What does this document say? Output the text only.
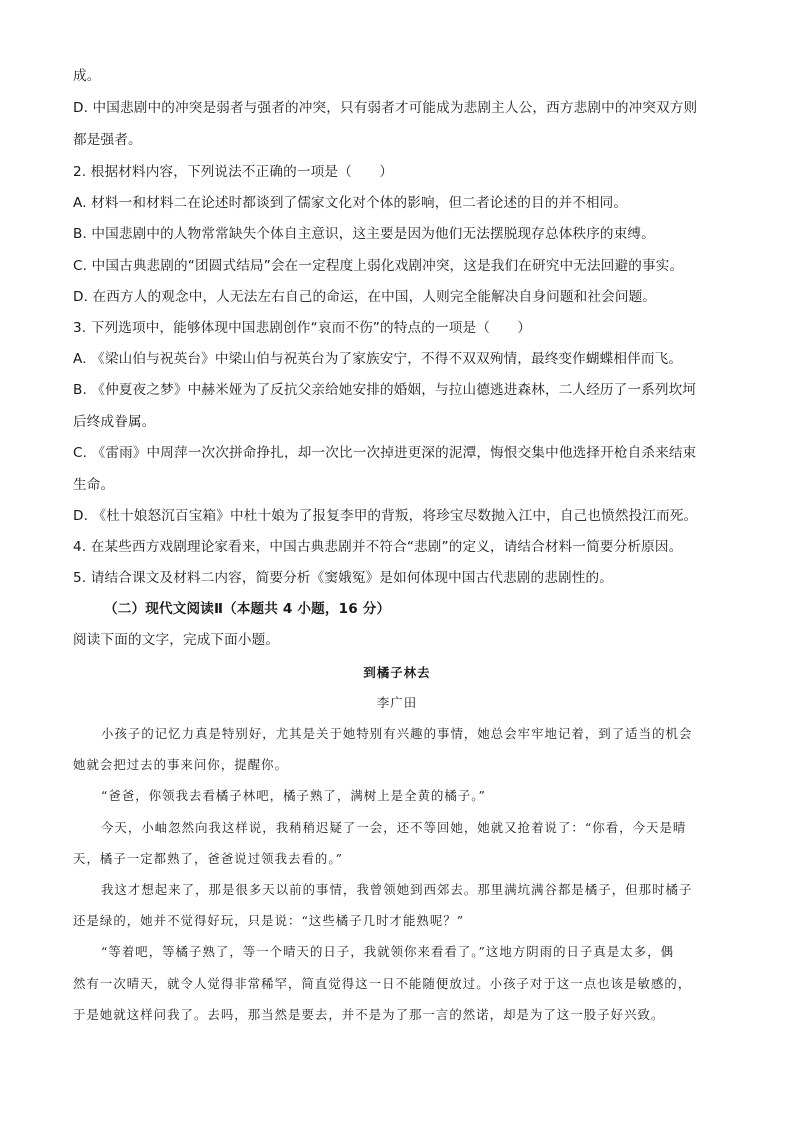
成。
D. 中国悲剧中的冲突是弱者与强者的冲突，只有弱者才可能成为悲剧主人公，西方悲剧中的冲突双方则
都是强者。
2. 根据材料内容，下列说法不正确的一项是（　　）
A. 材料一和材料二在论述时都谈到了儒家文化对个体的影响，但二者论述的目的并不相同。
B. 中国悲剧中的人物常常缺失个体自主意识，这主要是因为他们无法摆脱现存总体秩序的束缚。
C. 中国古典悲剧的“团圆式结局”会在一定程度上弱化戏剧冲突，这是我们在研究中无法回避的事实。
D. 在西方人的观念中，人无法左右自己的命运，在中国，人则完全能解决自身问题和社会问题。
3. 下列选项中，能够体现中国悲剧创作“哀而不伤”的特点的一项是（　　）
A. 《梁山伯与祝英台》中梁山伯与祝英台为了家族安宁，不得不双双殉情，最终变作蝴蝶相伴而飞。
B. 《仲夏夜之梦》中赫米娅为了反抗父亲给她安排的婚姻，与拉山德逃进森林，二人经历了一系列坎坷
后终成眷属。
C. 《雷雨》中周萍一次次拼命挣扎，却一次比一次掉进更深的泥潭，悔恨交集中他选择开枪自杀来结束
生命。
D. 《杜十娘怒沉百宝箱》中杜十娘为了报复李甲的背叛，将珍宝尽数抛入江中，自己也愤然投江而死。
4. 在某些西方戏剧理论家看来，中国古典悲剧并不符合“悲剧”的定义，请结合材料一简要分析原因。
5. 请结合课文及材料二内容，简要分析《窦娥冤》是如何体现中国古代悲剧的悲剧性的。
（二）现代文阅读Ⅱ（本题共 4 小题，16 分）
阅读下面的文字，完成下面小题。
到橘子林去
李广田
小孩子的记忆力真是特别好，尤其是关于她特别有兴趣的事情，她总会牢牢地记着，到了适当的机会
她就会把过去的事来问你，提醒你。
“爸爸，你领我去看橘子林吧，橘子熟了，满树上是全黄的橘子。”
今天，小岫忽然向我这样说，我稍稍迟疑了一会，还不等回她，她就又抢着说了：“你看，今天是晴
天，橘子一定都熟了，爸爸说过领我去看的。”
我这才想起来了，那是很多天以前的事情，我曾领她到西郊去。那里满坑满谷都是橘子，但那时橘子
还是绿的，她并不觉得好玩，只是说：“这些橘子几时才能熟呢？”
“等着吧，等橘子熟了，等一个晴天的日子，我就领你来看看了。”这地方阴雨的日子真是太多，偶
然有一次晴天，就令人觉得非常稀罕，简直觉得这一日不能随便放过。小孩子对于这一点也该是敏感的，
于是她就这样问我了。去吗，那当然是要去，并不是为了那一言的然诺，却是为了这一股子好兴致。
